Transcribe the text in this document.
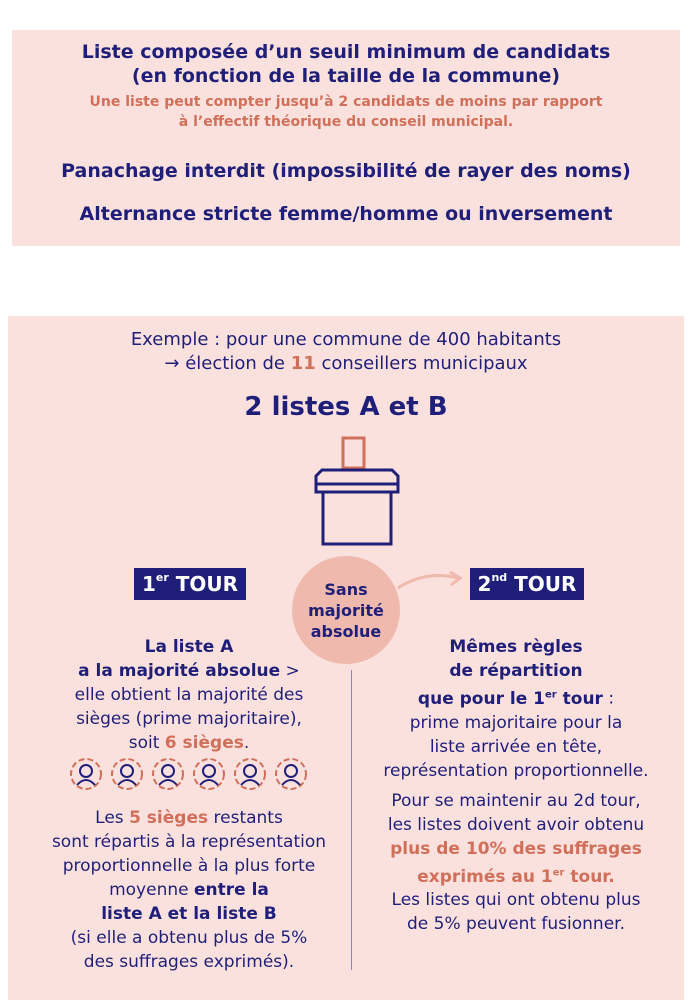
Liste composée d’un seuil minimum de candidats
(en fonction de la taille de la commune)
Une liste peut compter jusqu’à 2 candidats de moins par rapport
à l’effectif théorique du conseil municipal.
Panachage interdit (impossibilité de rayer des noms)
Alternance stricte femme/homme ou inversement
Exemple : pour une commune de 400 habitants
→ élection de 11 conseillers municipaux
2 listes A et B
1er TOUR	2nd TOUR
Sans
majorité
absolue
La liste A
a la majorité absolue >
elle obtient la majorité des
sièges (prime majoritaire),
soit 6 sièges.
Les 5 sièges restants
sont répartis à la représentation
proportionnelle à la plus forte
moyenne entre la
liste A et la liste B
(si elle a obtenu plus de 5%
des suffrages exprimés).
Mêmes règles
de répartition
que pour le 1er tour :
prime majoritaire pour la
liste arrivée en tête,
représentation proportionnelle.
Pour se maintenir au 2d tour,
les listes doivent avoir obtenu
plus de 10% des suffrages
exprimés au 1er tour.
Les listes qui ont obtenu plus
de 5% peuvent fusionner.
